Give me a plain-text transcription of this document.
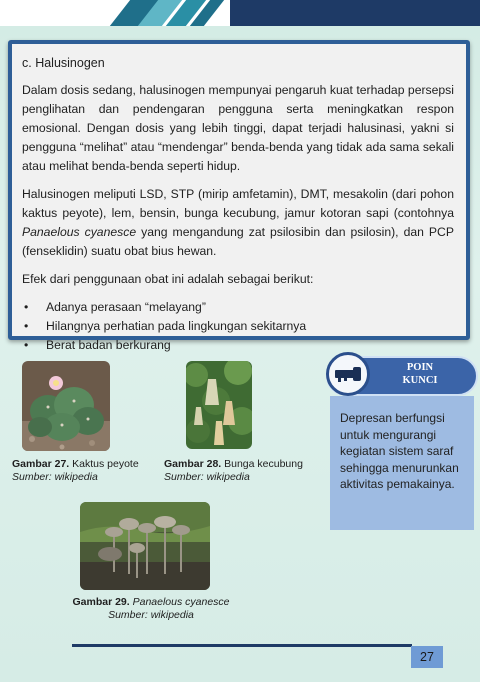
c. Halusinogen

Dalam dosis sedang, halusinogen mempunyai pengaruh kuat terhadap persepsi penglihatan dan pendengaran pengguna serta meningkatkan respon emosional. Dengan dosis yang lebih tinggi, dapat terjadi halusinasi, yakni si pengguna “melihat” atau “mendengar” benda-benda yang tidak ada sama sekali atau melihat benda-benda seperti hidup.

Halusinogen meliputi LSD, STP (mirip amfetamin), DMT, mesakolin (dari pohon kaktus peyote), lem, bensin, bunga kecubung, jamur kotoran sapi (contohnya Panaelous cyanesce yang mengandung zat psilosibin dan psilosin), dan PCP (fenseklidin) suatu obat bius hewan.

Efek dari penggunaan obat ini adalah sebagai berikut:

• Adanya perasaan “melayang”
• Hilangnya perhatian pada lingkungan sekitarnya
• Berat badan berkurang
Gambar 27. Kaktus peyote
Sumber: wikipedia
Gambar 28. Bunga kecubung
Sumber: wikipedia
Gambar 29. Panaelous cyanesce
Sumber: wikipedia
POIN
KUNCI
Depresan berfungsi untuk mengurangi kegiatan sistem saraf sehingga menurunkan aktivitas pemakainya.
27
